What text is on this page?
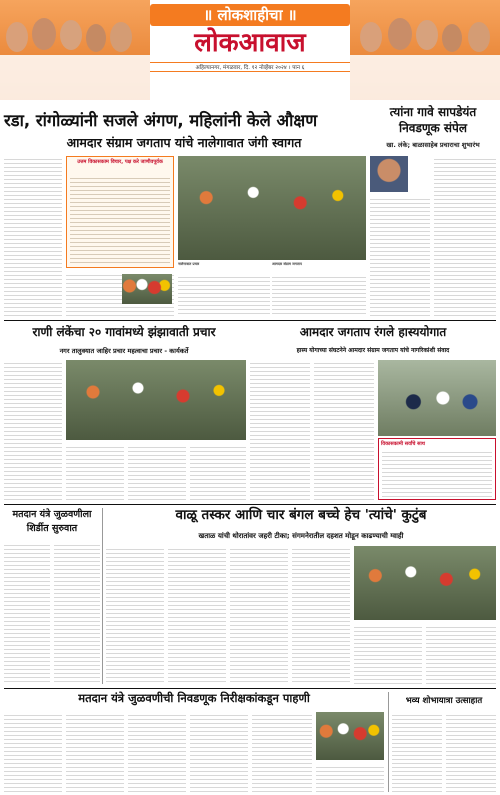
॥ लोकशाहीचा ॥
लोकआवाज
अहिल्यानगर, मंगळवार, दि. १२ नोव्हेंबर २०२४ । पान ६
रडा, रांगोळ्यांनी सजले अंगण, महिलांनी केले औक्षण
आमदार संग्राम जगताप यांचे नालेगावात जंगी स्वागत
त्यांना गावे सापडेयंत निवडणूक संपेल
खा. लंके; बाळासाहेब प्रचाराचा शुभारंभ
उत्तम विकासकाम विचार, पक्ष करे जाणीवपूर्वक
नालेगावात प्रचार	आमदार संग्राम जगताप
राणी लंकेंचा २० गावांमध्ये झंझावाती प्रचार
नगर तालुक्यात जाहिर प्रचार महत्वाचा प्रचार - कार्यकर्ते
आमदार जगताप रंगले हास्ययोगात
हास्य योगाच्या संघटनेने आमदार संग्राम जगताप यांचे नागरिकांशी संवाद
विकासकामी सर्वांचे साथ
मतदान यंत्रे जुळवणीला शिर्डीत सुरुवात
वाळू तस्कर आणि चार बंगल बच्चे हेच 'त्यांचे' कुटुंब
खताळ यांची थोरातांवर जहरी टीका; संगमनेरातील दहशत मोडून काढण्याची ग्वाही
मतदान यंत्रे जुळवणीची निवडणूक निरीक्षकांकडून पाहणी	भव्य शोभायात्रा उत्साहात
